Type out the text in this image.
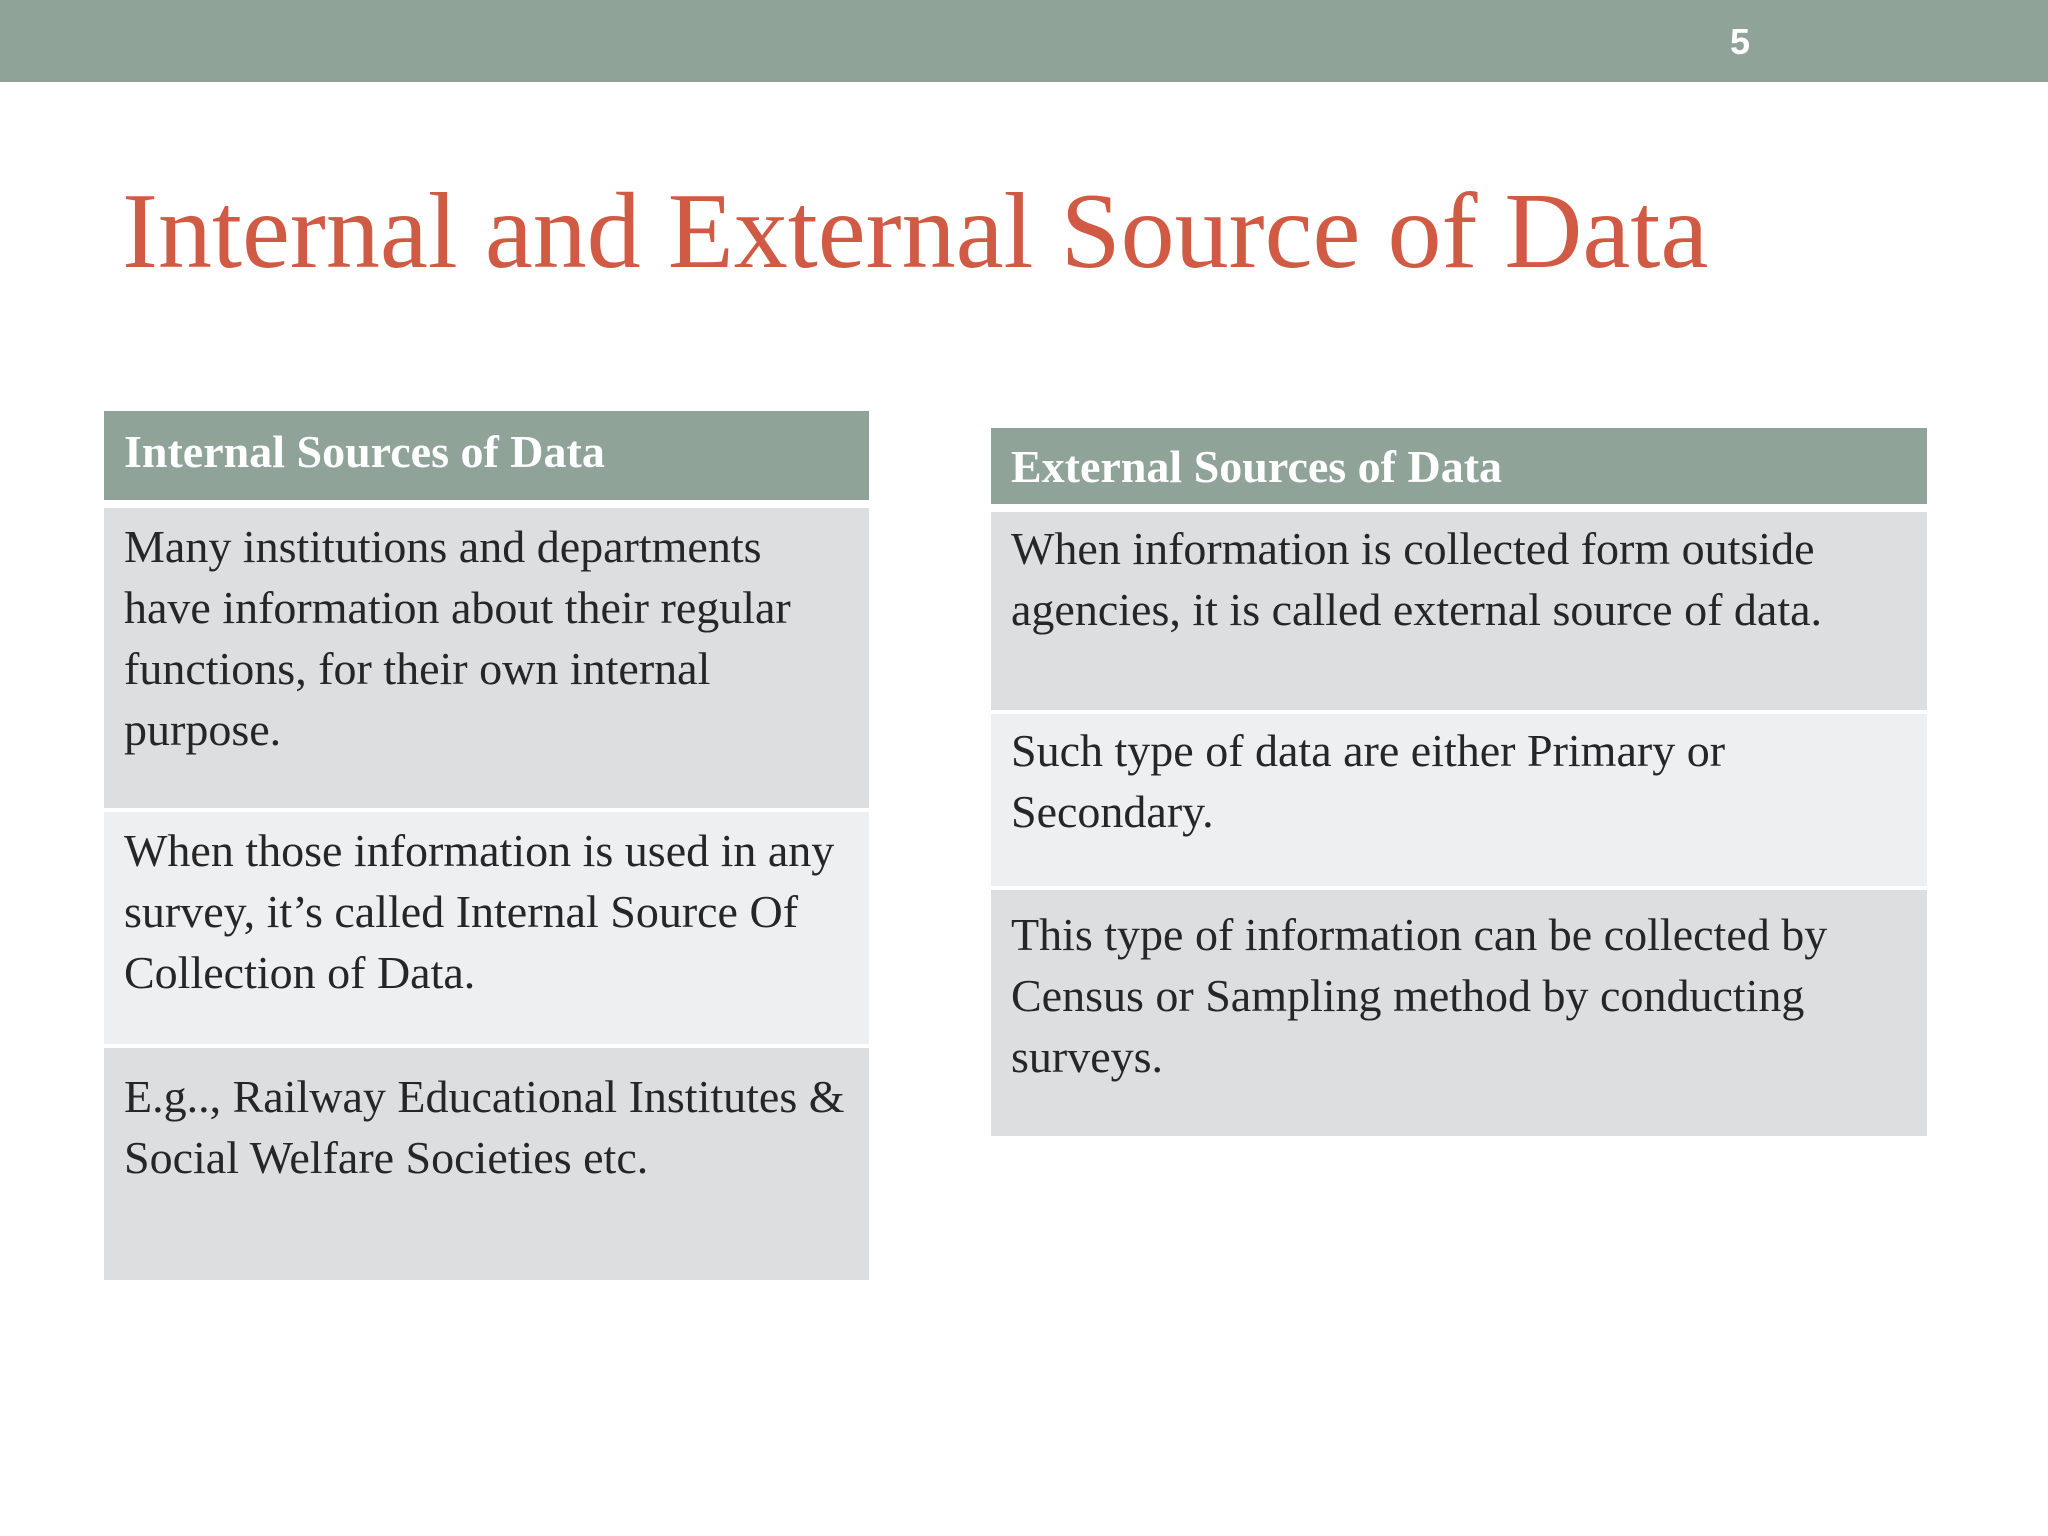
5
Internal and External Source of Data
Internal Sources of Data
Many institutions and departments have information about their regular functions, for their own internal purpose.
When those information is used in any survey, it’s called Internal Source Of Collection of Data.
E.g.., Railway Educational Institutes & Social Welfare Societies etc.
External Sources of Data
When information is collected form outside agencies, it is called external source of data.
Such type of data are either Primary or Secondary.
This type of information can be collected by Census or Sampling method by conducting surveys.
